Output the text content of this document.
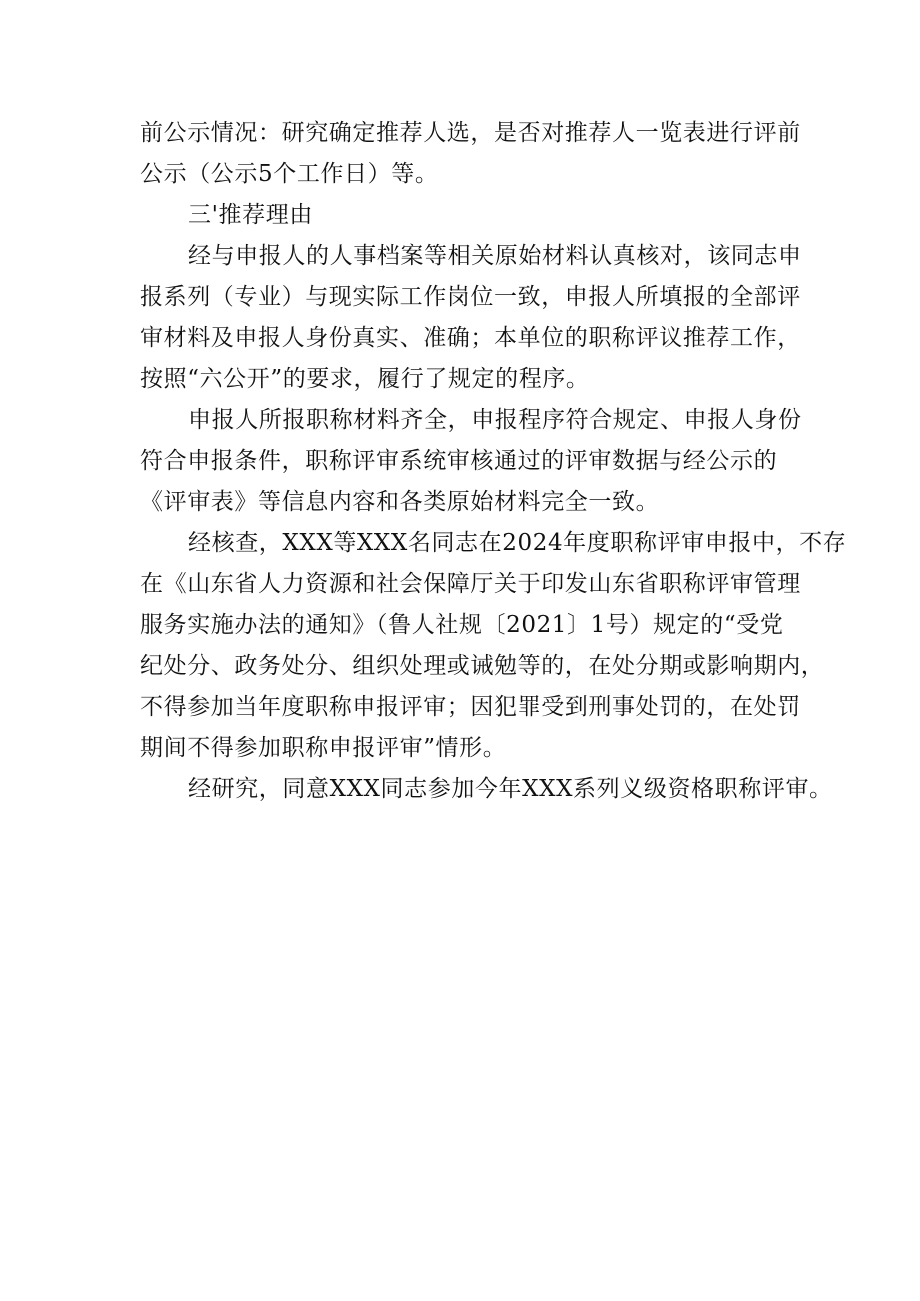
前公示情况：研究确定推荐人选，是否对推荐人一览表进行评前
公示（公示5个工作日）等。

三'推荐理由

经与申报人的人事档案等相关原始材料认真核对，该同志申
报系列（专业）与现实际工作岗位一致，申报人所填报的全部评
审材料及申报人身份真实、准确；本单位的职称评议推荐工作，
按照“六公开”的要求，履行了规定的程序。

申报人所报职称材料齐全，申报程序符合规定、申报人身份
符合申报条件，职称评审系统审核通过的评审数据与经公示的
《评审表》等信息内容和各类原始材料完全一致。

经核查，XXX等XXX名同志在2024年度职称评审申报中，不存
在《山东省人力资源和社会保障厅关于印发山东省职称评审管理
服务实施办法的通知》（鲁人社规〔2021〕1号）规定的“受党
纪处分、政务处分、组织处理或诫勉等的，在处分期或影响期内，
不得参加当年度职称申报评审；因犯罪受到刑事处罚的，在处罚
期间不得参加职称申报评审”情形。

经研究，同意XXX同志参加今年XXX系列义级资格职称评审。
